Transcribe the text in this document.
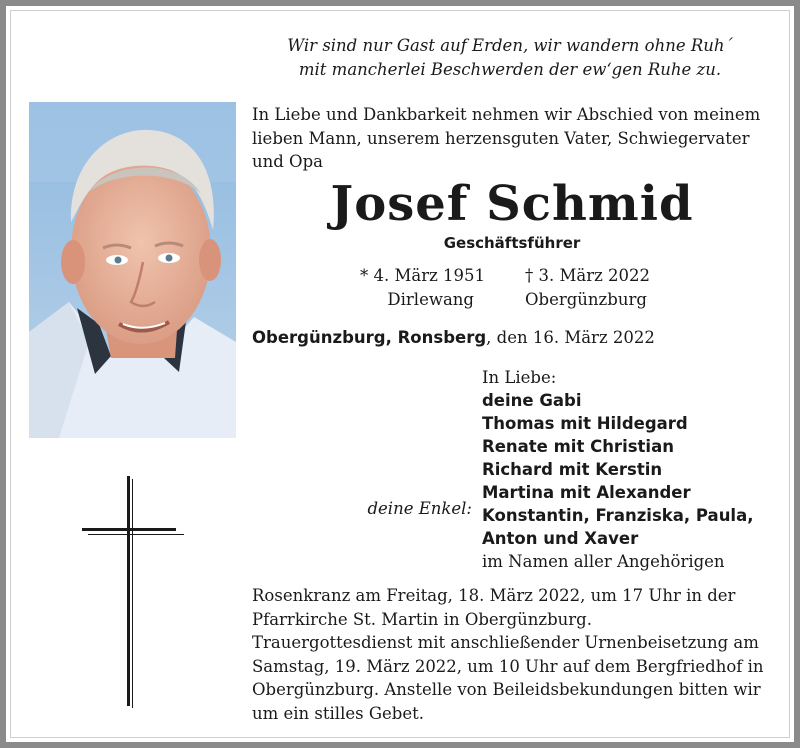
Wir sind nur Gast auf Erden, wir wandern ohne Ruh´
mit mancherlei Beschwerden der ew‘gen Ruhe zu.
In Liebe und Dankbarkeit nehmen wir Abschied von meinem
lieben Mann, unserem herzensguten Vater, Schwiegervater
und Opa
Josef Schmid
Geschäftsführer
* 4. März 1951
Dirlewang
† 3. März 2022
Obergünzburg
Obergünzburg, Ronsberg, den 16. März 2022
In Liebe:
deine Gabi
Thomas mit Hildegard
Renate mit Christian
Richard mit Kerstin
Martina mit Alexander
Konstantin, Franziska, Paula,
Anton und Xaver
im Namen aller Angehörigen
deine Enkel:
Rosenkranz am Freitag, 18. März 2022, um 17 Uhr in der
Pfarrkirche St. Martin in Obergünzburg.
Trauergottesdienst mit anschließender Urnenbeisetzung am
Samstag, 19. März 2022, um 10 Uhr auf dem Bergfriedhof in
Obergünzburg. Anstelle von Beileidsbekundungen bitten wir
um ein stilles Gebet.
